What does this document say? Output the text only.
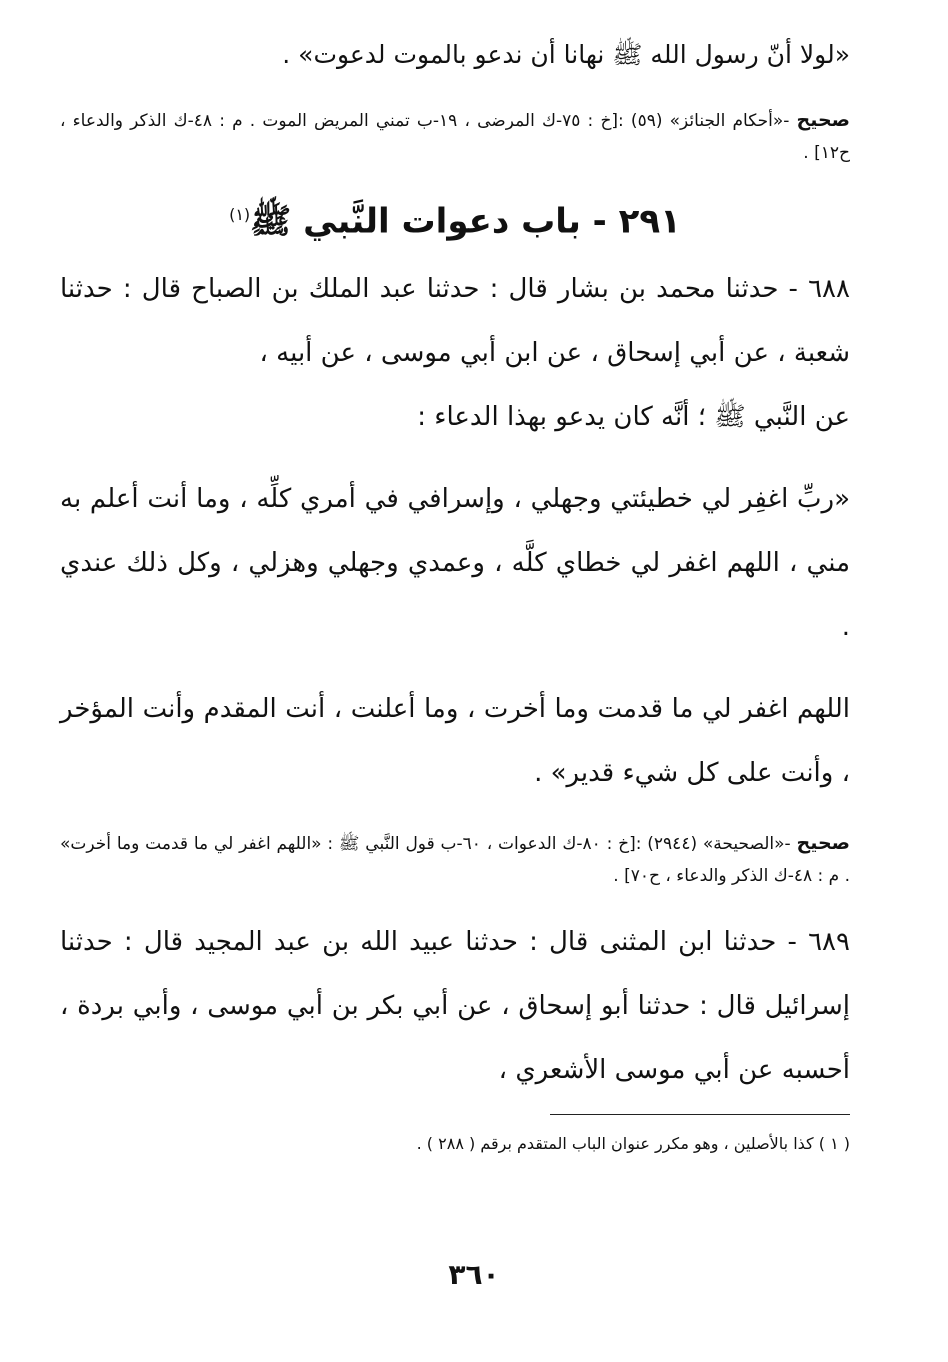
«لولا أنّ رسول الله ﷺ نهانا أن ندعو بالموت لدعوت» .

صحيح -«أحكام الجنائز» (٥٩) :[خ : ٧٥-ك المرضى ، ١٩-ب تمني المريض الموت . م : ٤٨-ك الذكر والدعاء ، ح١٢] .

٢٩١ - باب دعوات النَّبي ﷺ$^{(١)}$

٦٨٨ - حدثنا محمد بن بشار قال : حدثنا عبد الملك بن الصباح قال : حدثنا شعبة ، عن أبي إسحاق ، عن ابن أبي موسى ، عن أبيه ،

عن النَّبي ﷺ ؛ أنَّه كان يدعو بهذا الدعاء :

«ربِّ اغفِر لي خطيئتي وجهلي ، وإسرافي في أمري كلِّه ، وما أنت أعلم به مني ، اللهم اغفر لي خطاي كلَّه ، وعمدي وجهلي وهزلي ، وكل ذلك عندي .

اللهم اغفر لي ما قدمت وما أخرت ، وما أعلنت ، أنت المقدم وأنت المؤخر ، وأنت على كل شيء قدير» .

صحيح -«الصحيحة» (٢٩٤٤) :[خ : ٨٠-ك الدعوات ، ٦٠-ب قول النَّبي ﷺ : «اللهم اغفر لي ما قدمت وما أخرت» . م : ٤٨-ك الذكر والدعاء ، ح٧٠] .

٦٨٩ - حدثنا ابن المثنى قال : حدثنا عبيد الله بن عبد المجيد قال : حدثنا إسرائيل قال : حدثنا أبو إسحاق ، عن أبي بكر بن أبي موسى ، وأبي بردة ، أحسبه عن أبي موسى الأشعري ،

( ١ ) كذا بالأصلين ، وهو مكرر عنوان الباب المتقدم برقم ( ٢٨٨ ) .

٣٦٠
